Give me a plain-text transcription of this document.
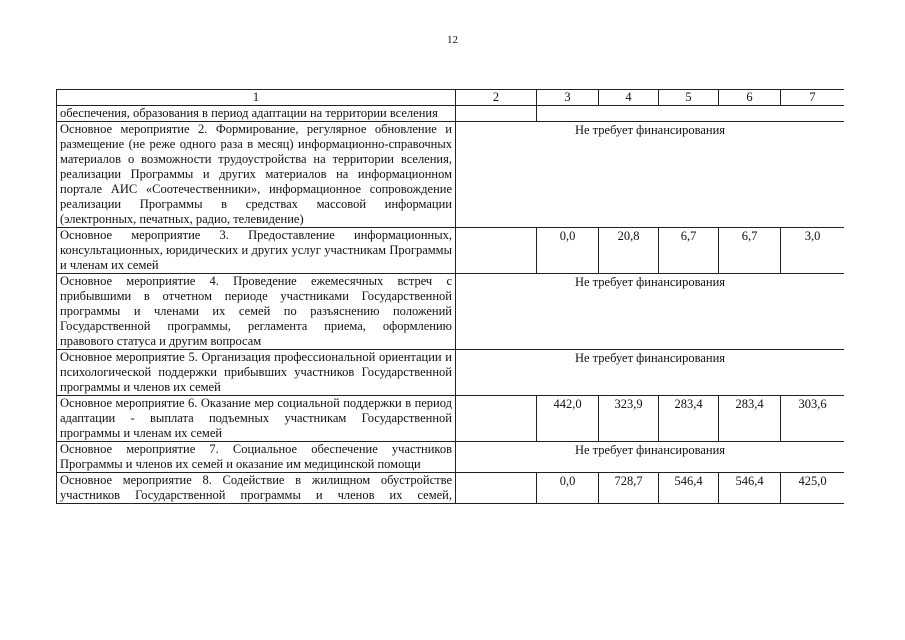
12
1	2	3	4	5	6	7
обеспечения, образования в период адаптации на территории вселения						
Основное мероприятие 2. Формирование, регулярное обновление и размещение (не реже одного раза в месяц) информационно-справочных материалов о возможности трудоустройства на территории вселения, реализации Программы и других материалов на информационном портале АИС «Соотечественники», информационное сопровождение реализации Программы в средствах массовой информации (электронных, печатных, радио, телевидение)	Не требует финансирования					
Основное мероприятие 3. Предоставление информационных, консультационных, юридических и других услуг участникам Программы и членам их семей		0,0	20,8	6,7	6,7	3,0
Основное мероприятие 4. Проведение ежемесячных встреч с прибывшими в отчетном периоде участниками Государственной программы и членами их семей по разъяснению положений Государственной программы, регламента приема, оформлению правового статуса и другим вопросам	Не требует финансирования					
Основное мероприятие 5. Организация профессиональной ориентации и психологической поддержки прибывших участников Государственной программы и членов их семей	Не требует финансирования					
Основное мероприятие 6. Оказание мер социальной поддержки в период адаптации - выплата подъемных участникам Государственной программы и членам их семей		442,0	323,9	283,4	283,4	303,6
Основное мероприятие 7. Социальное обеспечение участников Программы и членов их семей и оказание им медицинской помощи	Не требует финансирования					
Основное мероприятие 8. Содействие в жилищном обустройстве участников Государственной программы и членов их семей,		0,0	728,7	546,4	546,4	425,0
